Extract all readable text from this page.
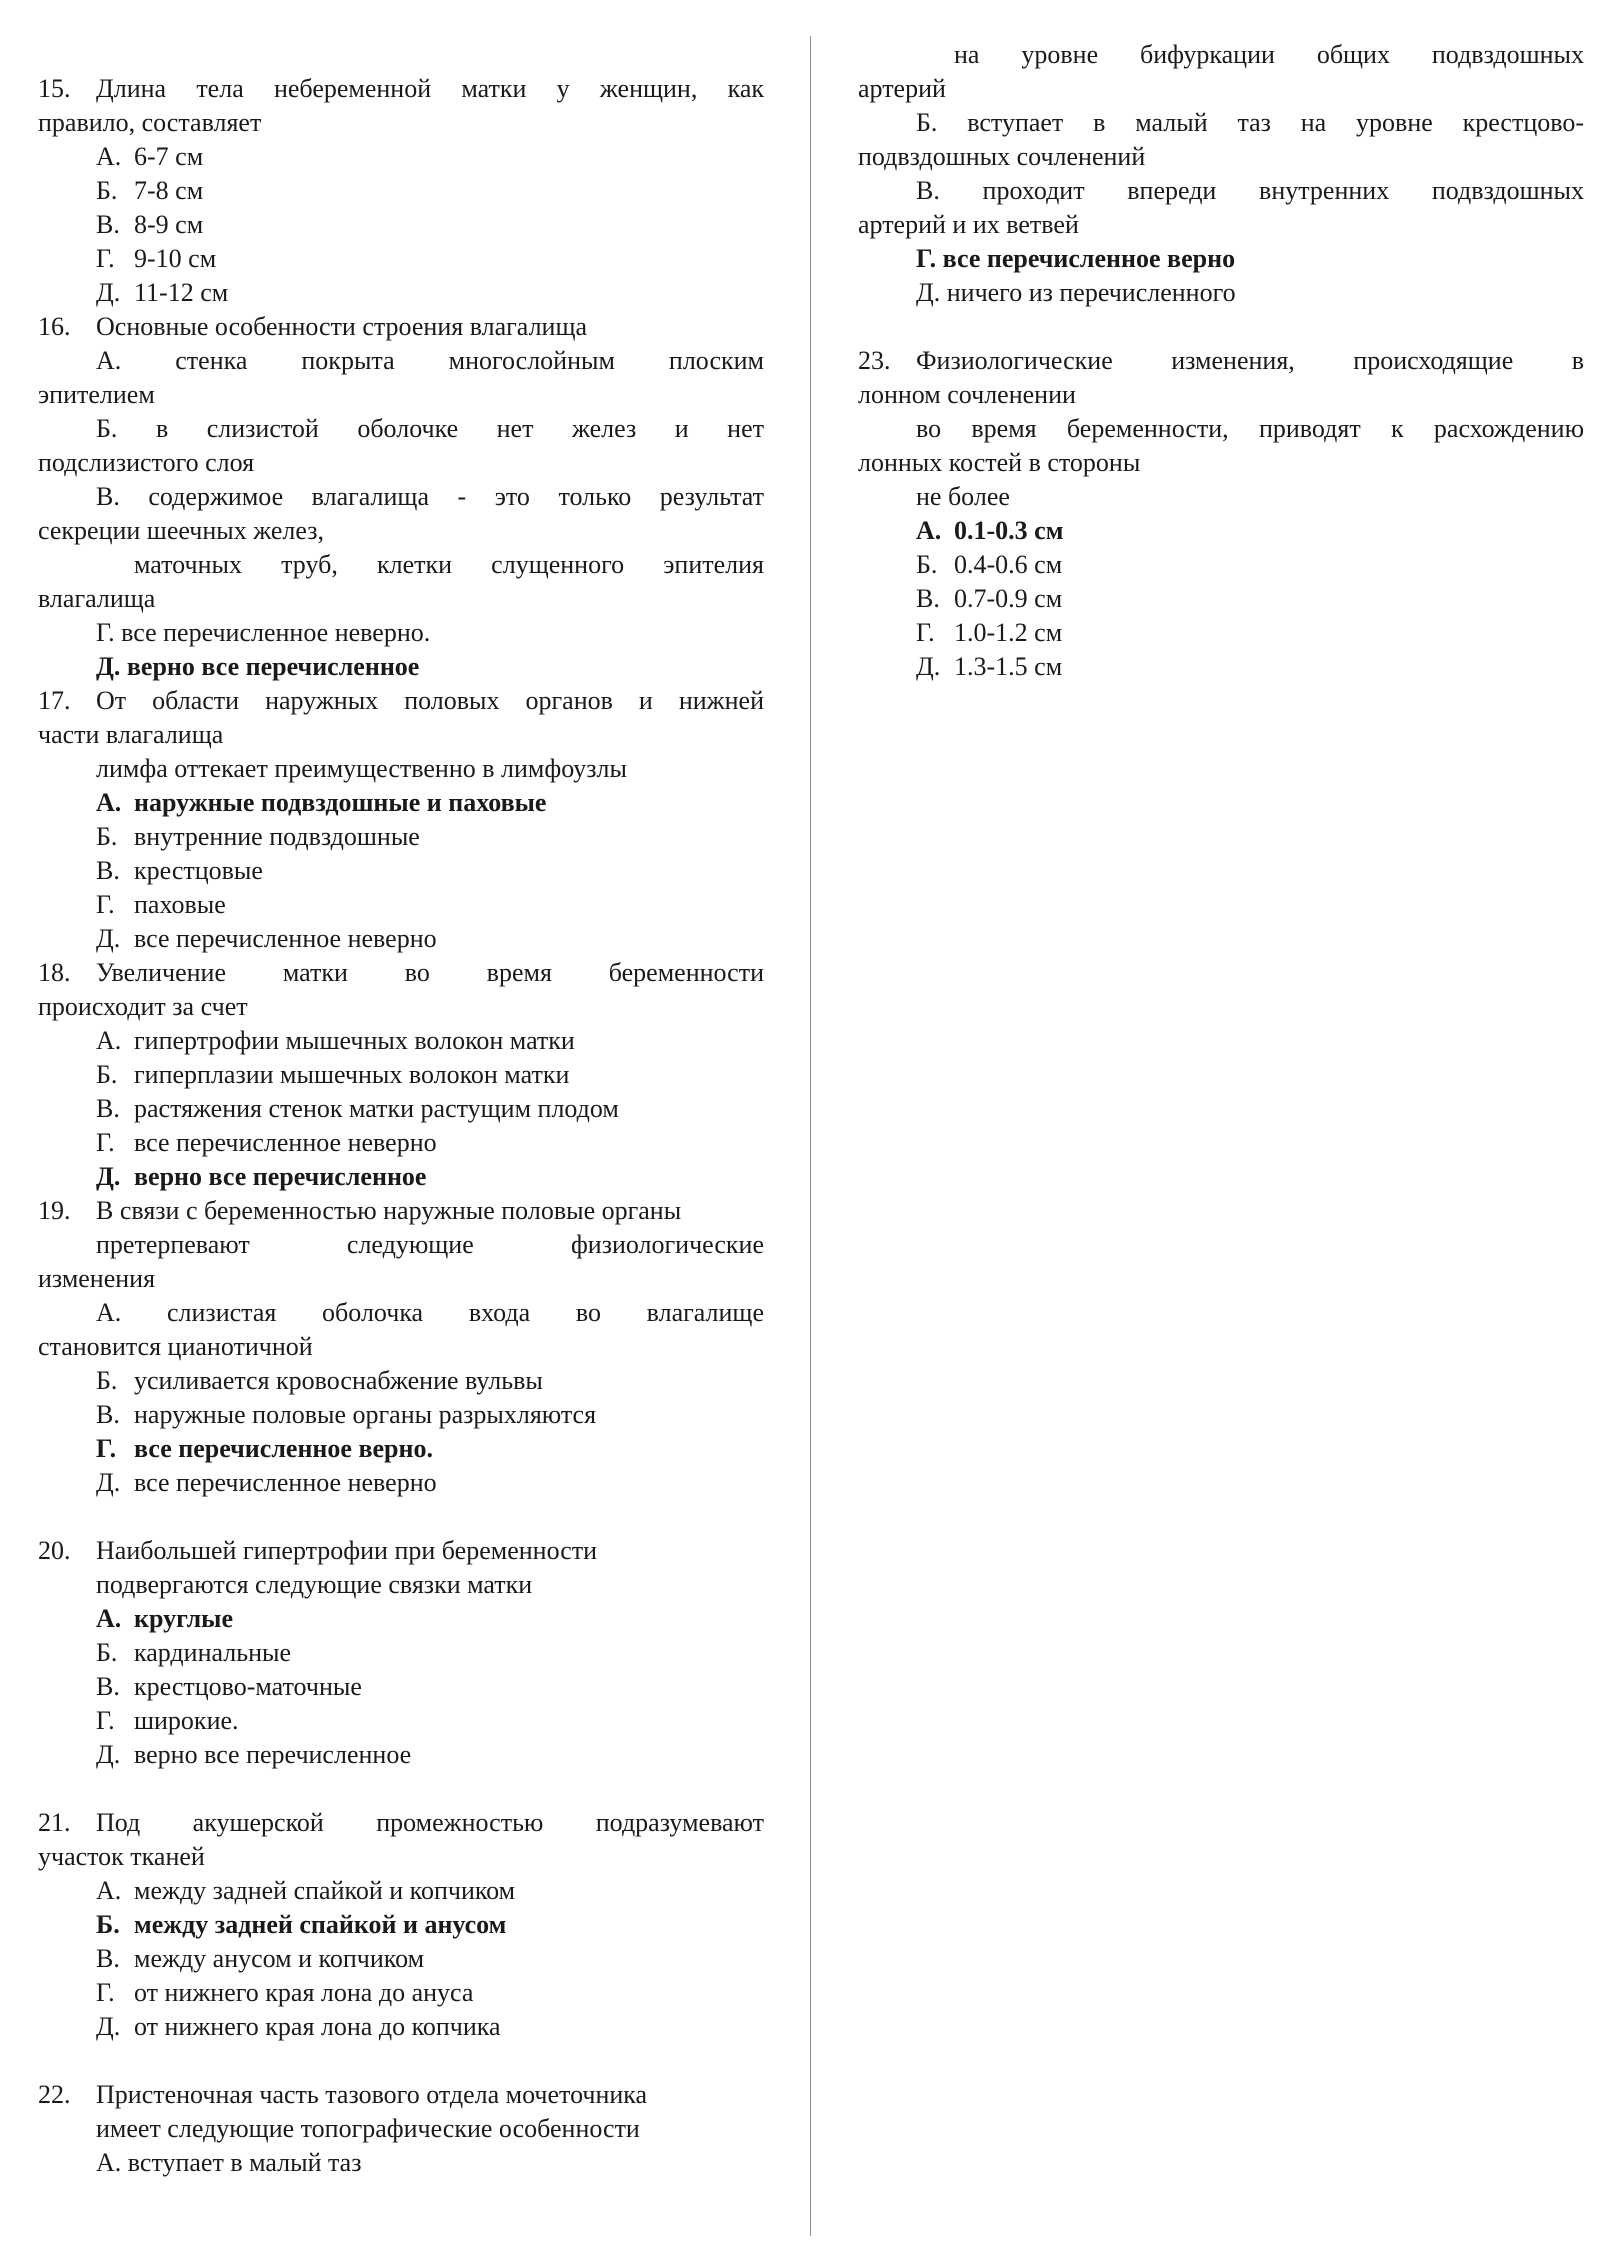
15. Длина тела небеременной матки у женщин, как

правило, составляет

А. 6-7 см
Б. 7-8 см
В. 8-9 см
Г. 9-10 см
Д. 11-12 см
16. Основные особенности строения влагалища

А. стенка покрыта многослойным плоским

эпителием

Б. в слизистой оболочке нет желез и нет

подслизистого слоя

В. содержимое влагалища - это только результат

секреции шеечных желез,

маточных труб, клетки слущенного эпителия

влагалища

Г. все перечисленное неверно.

Д. верно все перечисленное

17. От области наружных половых органов и нижней

части влагалища

лимфа оттекает преимущественно в лимфоузлы

А. наружные подвздошные и паховые
Б. внутренние подвздошные
В. крестцовые
Г. паховые
Д. все перечисленное неверно
18. Увеличение матки во время беременности

происходит за счет

А. гипертрофии мышечных волокон матки
Б. гиперплазии мышечных волокон матки
В. растяжения стенок матки растущим плодом
Г. все перечисленное неверно
Д. верно все перечисленное
19. В связи с беременностью наружные половые органы

претерпевают следующие физиологические

изменения

А. слизистая оболочка входа во влагалище

становится цианотичной

Б. усиливается кровоснабжение вульвы
В. наружные половые органы разрыхляются
Г. все перечисленное верно.
Д. все перечисленное неверно
20. Наибольшей гипертрофии при беременности

подвергаются следующие связки матки

А. круглые
Б. кардинальные
В. крестцово-маточные
Г. широкие.
Д. верно все перечисленное
21. Под акушерской промежностью подразумевают

участок тканей

А. между задней спайкой и копчиком
Б. между задней спайкой и анусом
В. между анусом и копчиком
Г. от нижнего края лона до ануса
Д. от нижнего края лона до копчика
22. Пристеночная часть тазового отдела мочеточника

имеет следующие топографические особенности

А. вступает в малый таз

на уровне бифуркации общих подвздошных

артерий

Б. вступает в малый таз на уровне крестцово-

подвздошных сочленений

В. проходит впереди внутренних подвздошных

артерий и их ветвей

Г. все перечисленное верно

Д. ничего из перечисленного

23. Физиологические изменения, происходящие в

лонном сочленении

во время беременности, приводят к расхождению

лонных костей в стороны

не более

А. 0.1-0.3 см
Б. 0.4-0.6 см
В. 0.7-0.9 см
Г. 1.0-1.2 см
Д. 1.3-1.5 см
